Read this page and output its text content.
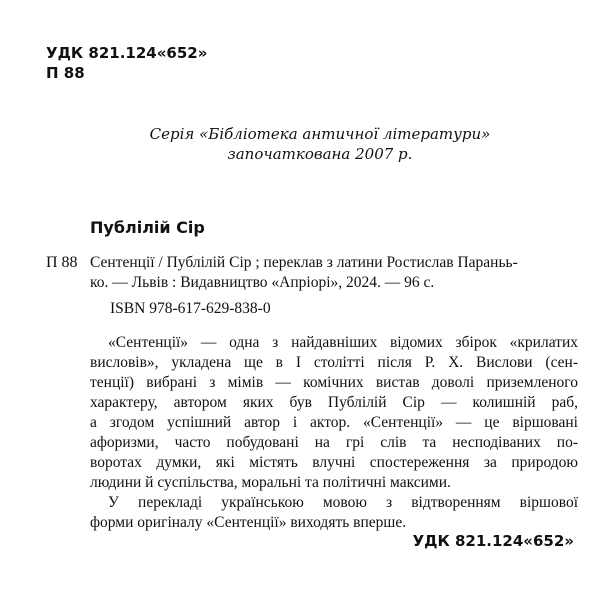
УДК 821.124«652»
П 88
Серія «Бібліотека античної літератури»
започаткована 2007 р.
Публілій Сір
П 88 Сентенції / Публілій Сір ; переклав з латини Ростислав Параньь-
ко. — Львів : Видавництво «Апріорі», 2024. — 96 с.
ISBN 978-617-629-838-0
«Сентенції» — одна з найдавніших відомих збірок «крилатих
висловів», укладена ще в І столітті після Р. Х. Вислови (сен-
тенції) вибрані з мімів — комічних вистав доволі приземленого
характеру, автором яких був Публілій Сір — колишній раб,
а згодом успішний автор і актор. «Сентенції» — це віршовані
афоризми, часто побудовані на грі слів та несподіваних по-
воротах думки, які містять влучні спостереження за природою
людини й суспільства, моральні та політичні максими.
У перекладі українською мовою з відтворенням віршової
форми оригіналу «Сентенції» виходять вперше.
УДК 821.124«652»
